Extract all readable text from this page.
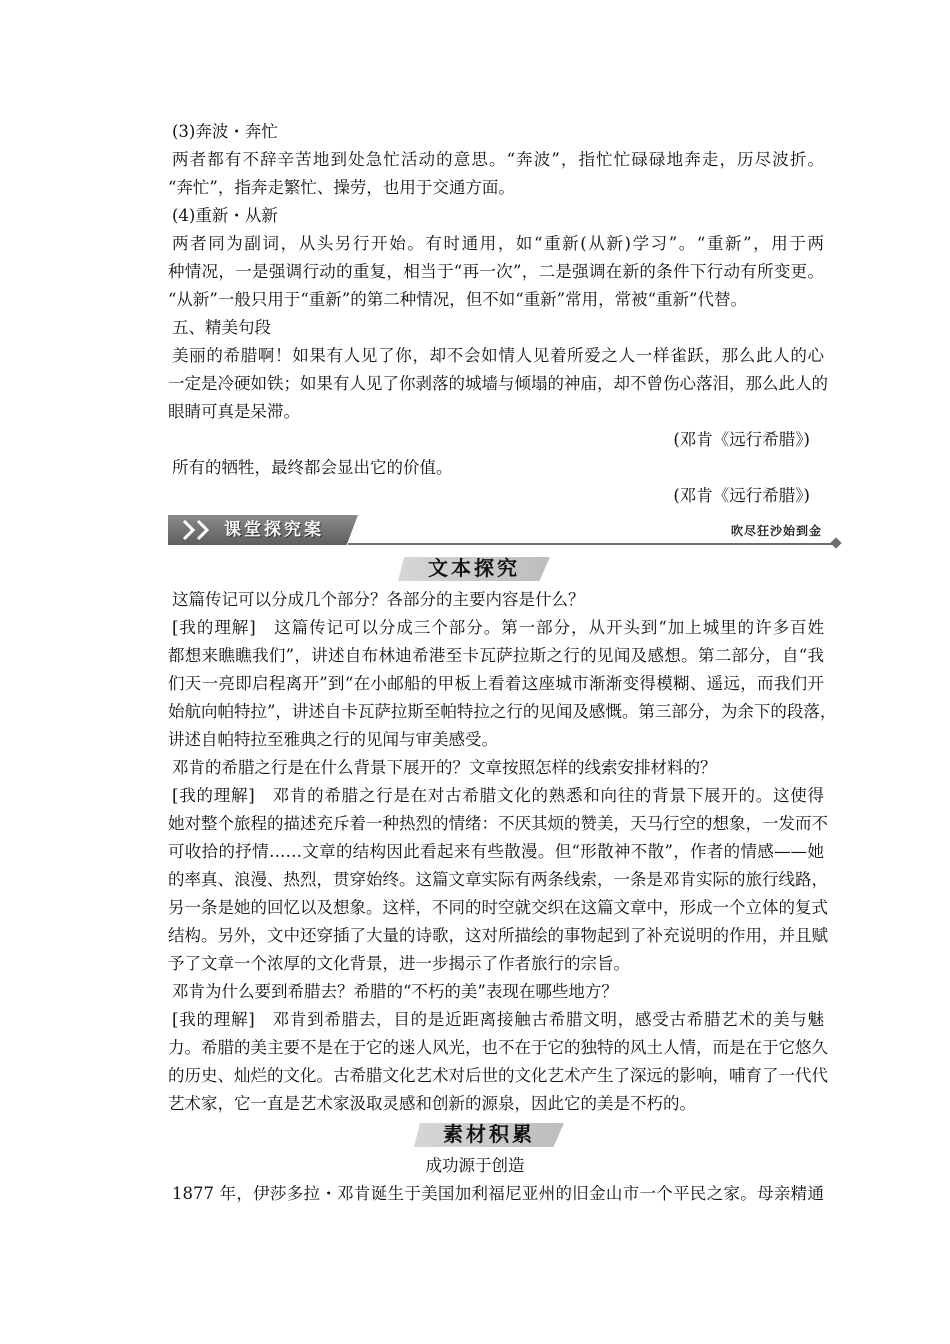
(3)奔波・奔忙
两者都有不辞辛苦地到处急忙活动的意思。“奔波”，指忙忙碌碌地奔走，历尽波折。
“奔忙”，指奔走繁忙、操劳，也用于交通方面。
(4)重新・从新
两者同为副词，从头另行开始。有时通用，如“重新(从新)学习”。“重新”，用于两
种情况，一是强调行动的重复，相当于“再一次”，二是强调在新的条件下行动有所变更。
“从新”一般只用于“重新”的第二种情况，但不如“重新”常用，常被“重新”代替。
五、精美句段
美丽的希腊啊！如果有人见了你，却不会如情人见着所爱之人一样雀跃，那么此人的心
一定是冷硬如铁；如果有人见了你剥落的城墙与倾塌的神庙，却不曾伤心落泪，那么此人的
眼睛可真是呆滞。
(邓肯《远行希腊》)
所有的牺牲，最终都会显出它的价值。
(邓肯《远行希腊》)
课堂探究案	吹尽狂沙始到金
文本探究
这篇传记可以分成几个部分？各部分的主要内容是什么？
[我的理解]　这篇传记可以分成三个部分。第一部分，从开头到“加上城里的许多百姓
都想来瞧瞧我们”，讲述自布林迪希港至卡瓦萨拉斯之行的见闻及感想。第二部分，自“我
们天一亮即启程离开”到“在小邮船的甲板上看着这座城市渐渐变得模糊、遥远，而我们开
始航向帕特拉”，讲述自卡瓦萨拉斯至帕特拉之行的见闻及感慨。第三部分，为余下的段落，
讲述自帕特拉至雅典之行的见闻与审美感受。
邓肯的希腊之行是在什么背景下展开的？文章按照怎样的线索安排材料的？
[我的理解]　邓肯的希腊之行是在对古希腊文化的熟悉和向往的背景下展开的。这使得
她对整个旅程的描述充斥着一种热烈的情绪：不厌其烦的赞美，天马行空的想象，一发而不
可收拾的抒情……文章的结构因此看起来有些散漫。但“形散神不散”，作者的情感——她
的率真、浪漫、热烈，贯穿始终。这篇文章实际有两条线索，一条是邓肯实际的旅行线路，
另一条是她的回忆以及想象。这样，不同的时空就交织在这篇文章中，形成一个立体的复式
结构。另外，文中还穿插了大量的诗歌，这对所描绘的事物起到了补充说明的作用，并且赋
予了文章一个浓厚的文化背景，进一步揭示了作者旅行的宗旨。
邓肯为什么要到希腊去？希腊的“不朽的美”表现在哪些地方？
[我的理解]　邓肯到希腊去，目的是近距离接触古希腊文明，感受古希腊艺术的美与魅
力。希腊的美主要不是在于它的迷人风光，也不在于它的独特的风土人情，而是在于它悠久
的历史、灿烂的文化。古希腊文化艺术对后世的文化艺术产生了深远的影响，哺育了一代代
艺术家，它一直是艺术家汲取灵感和创新的源泉，因此它的美是不朽的。
素材积累
成功源于创造
1877 年，伊莎多拉・邓肯诞生于美国加利福尼亚州的旧金山市一个平民之家。母亲精通
